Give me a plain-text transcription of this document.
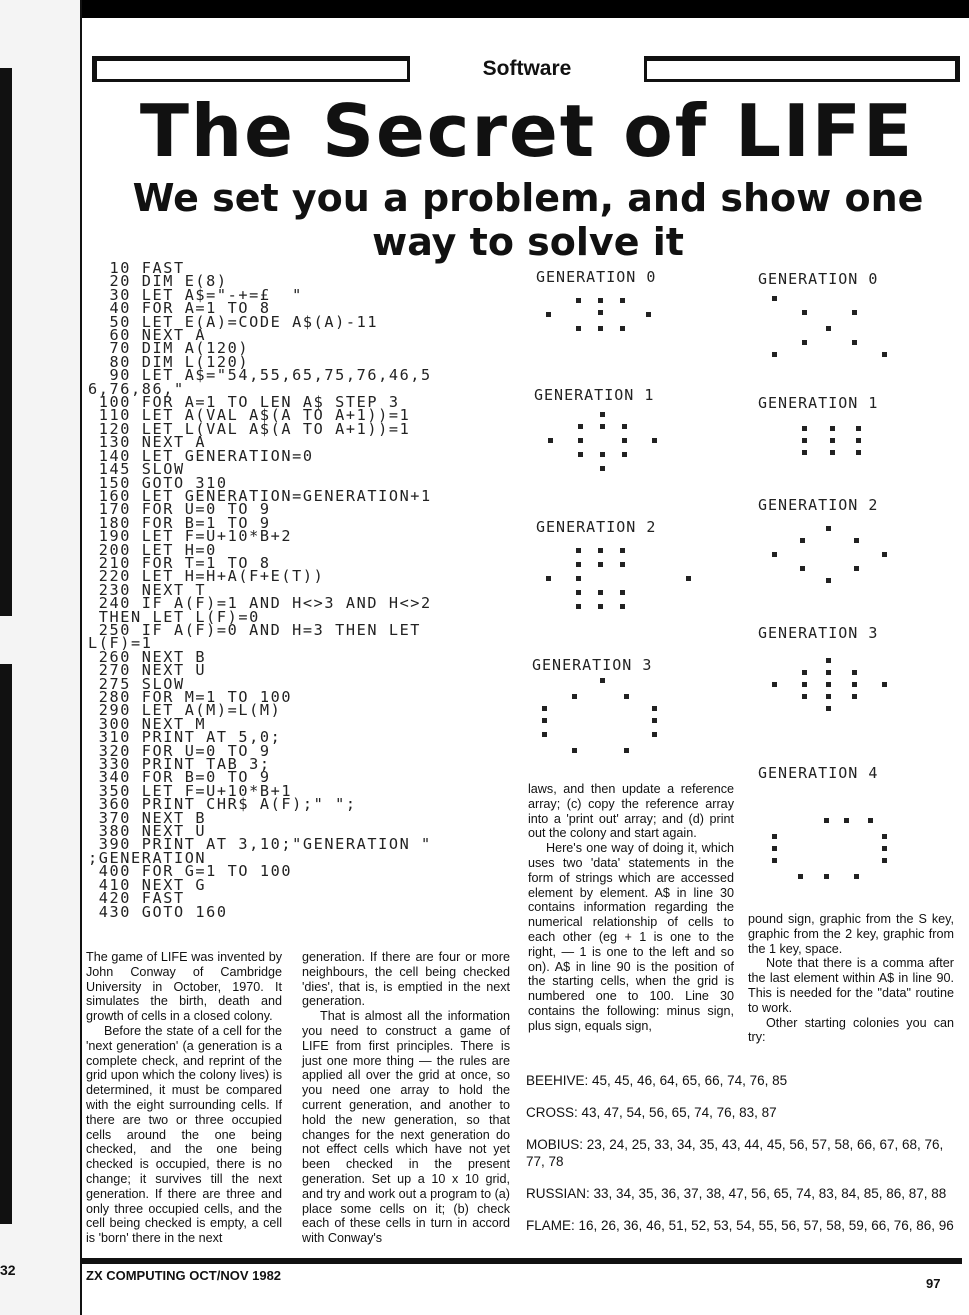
32
Software
The Secret of LIFE
We set you a problem, and show one way to solve it
10 FAST
20 DIM E(8)
30 LET A$="-+=£  "
40 FOR A=1 TO 8
50 LET E(A)=CODE A$(A)-11
60 NEXT A
70 DIM A(120)
80 DIM L(120)
90 LET A$="54,55,65,75,76,46,5
6,76,86,"
100 FOR A=1 TO LEN A$ STEP 3
110 LET A(VAL A$(A TO A+1))=1
120 LET L(VAL A$(A TO A+1))=1
130 NEXT A
140 LET GENERATION=0
145 SLOW
150 GOTO 310
160 LET GENERATION=GENERATION+1
170 FOR U=0 TO 9
180 FOR B=1 TO 9
190 LET F=U+10*B+2
200 LET H=0
210 FOR T=1 TO 8
220 LET H=H+A(F+E(T))
230 NEXT T
240 IF A(F)=1 AND H<>3 AND H<>2
THEN LET L(F)=0
250 IF A(F)=0 AND H=3 THEN LET
L(F)=1
260 NEXT B
270 NEXT U
275 SLOW
280 FOR M=1 TO 100
290 LET A(M)=L(M)
300 NEXT M
310 PRINT AT 5,0;
320 FOR U=0 TO 9
330 PRINT TAB 3;
340 FOR B=0 TO 9
350 LET F=U+10*B+1
360 PRINT CHR$ A(F);" ";
370 NEXT B
380 NEXT U
390 PRINT AT 3,10;"GENERATION "
;GENERATION
400 FOR G=1 TO 100
410 NEXT G
420 FAST
430 GOTO 160
GENERATION 0
GENERATION 1
GENERATION 2
GENERATION 3
GENERATION 0
GENERATION 1
GENERATION 2
GENERATION 3
GENERATION 4

The game of LIFE was invented by John Conway of Cambridge University in October, 1970. It simulates the birth, death and growth of cells in a closed colony.

Before the state of a cell for the 'next generation' (a generation is a complete check, and reprint of the grid upon which the colony lives) is determined, it must be compared with the eight surrounding cells. If there are two or three occupied cells around the one being checked, and the one being checked is occupied, there is no change; it survives till the next generation. If there are three and only three occupied cells, and the cell being checked is empty, a cell is 'born' there in the next

generation. If there are four or more neighbours, the cell being checked 'dies', that is, is emptied in the next generation.

That is almost all the information you need to construct a game of LIFE from first principles. There is just one more thing — the rules are applied all over the grid at once, so you need one array to hold the current generation, and another to hold the new generation, so that changes for the next generation do not effect cells which have not yet been checked in the present generation. Set up a 10 x 10 grid, and try and work out a program to (a) place some cells on it; (b) check each of these cells in turn in accord with Conway's

laws, and then update a reference array; (c) copy the reference array into a 'print out' array; and (d) print out the colony and start again.

Here's one way of doing it, which uses two 'data' statements in the form of strings which are accessed element by element. A$ in line 30 contains information regarding the numerical relationship of cells to each other (eg + 1 is one to the right, — 1 is one to the left and so on). A$ in line 90 is the position of the starting cells, when the grid is numbered one to 100. Line 30 contains the following: minus sign, plus sign, equals sign,

pound sign, graphic from the S key, graphic from the 2 key, graphic from the 1 key, space.

Note that there is a comma after the last element within A$ in line 90. This is needed for the "data" routine to work.

Other starting colonies you can try:

BEEHIVE: 45, 45, 46, 64, 65, 66, 74, 76, 85
CROSS: 43, 47, 54, 56, 65, 74, 76, 83, 87
MOBIUS: 23, 24, 25, 33, 34, 35, 43, 44, 45, 56, 57, 58, 66, 67, 68, 76, 77, 78
RUSSIAN: 33, 34, 35, 36, 37, 38, 47, 56, 65, 74, 83, 84, 85, 86, 87, 88
FLAME: 16, 26, 36, 46, 51, 52, 53, 54, 55, 56, 57, 58, 59, 66, 76, 86, 96
ZX COMPUTING OCT/NOV 1982
97
